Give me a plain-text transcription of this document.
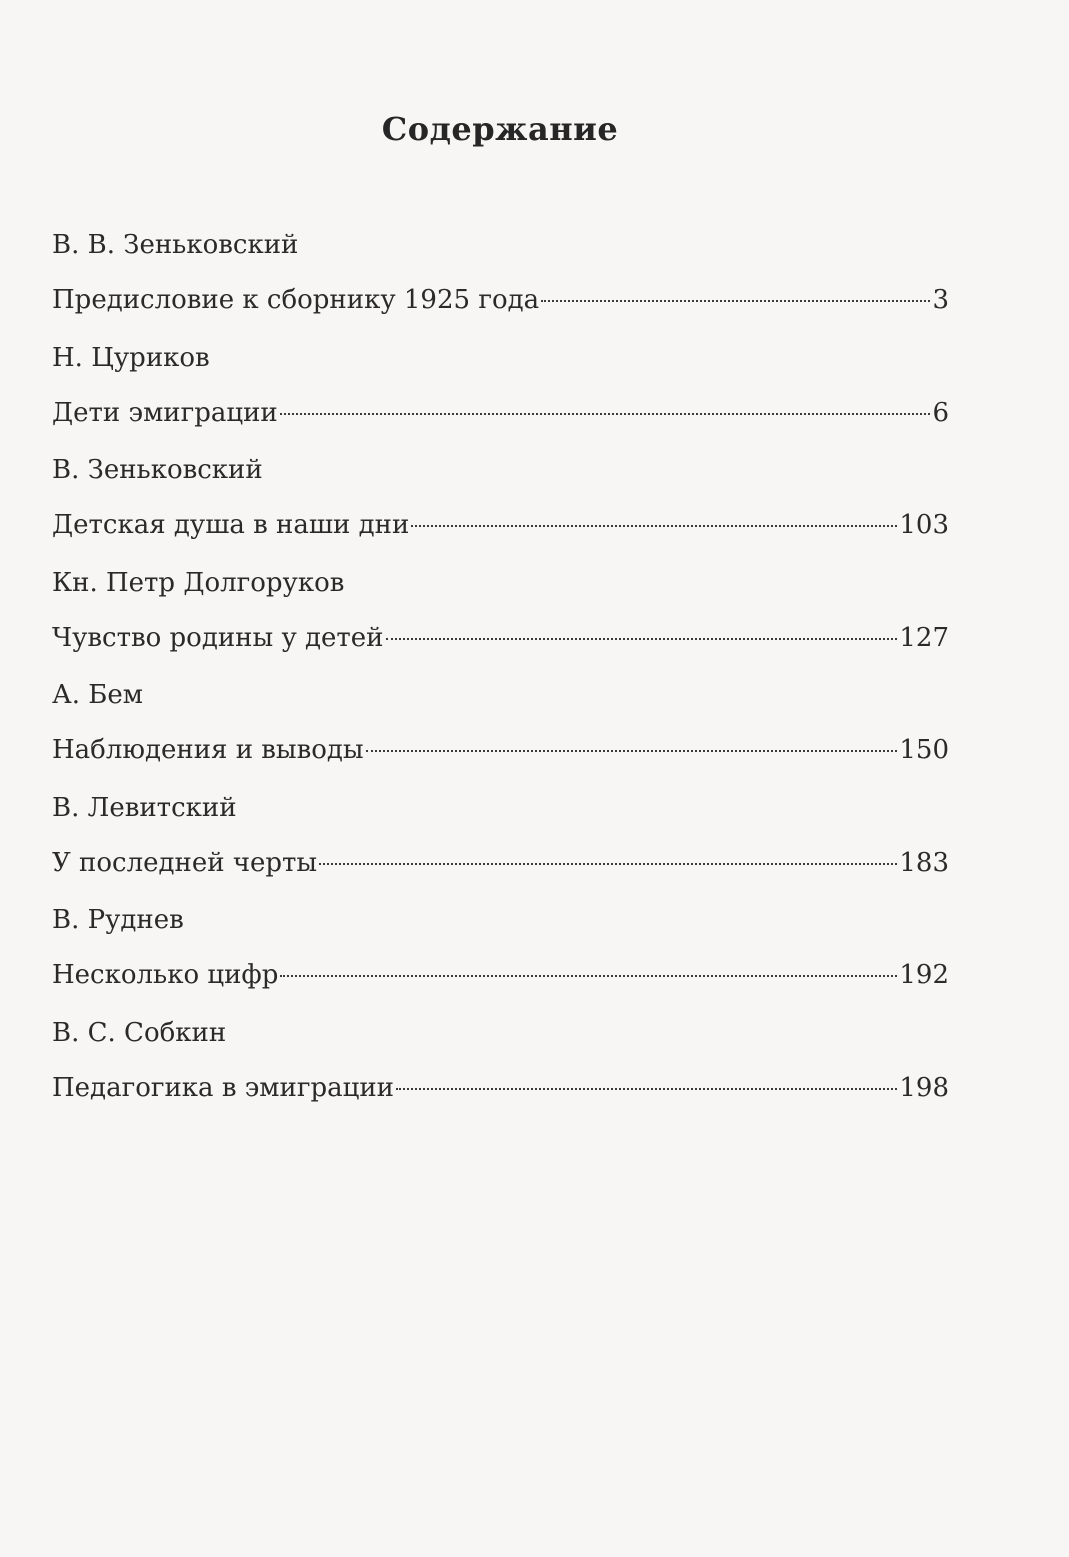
Содержание
В. В. Зеньковский
Предисловие к сборнику 1925 года	3
Н. Цуриков
Дети эмиграции	6
В. Зеньковский
Детская душа в наши дни	103
Кн. Петр Долгоруков
Чувство родины у детей	127
А. Бем
Наблюдения и выводы	150
В. Левитский
У последней черты	183
В. Руднев
Несколько цифр	192
В. С. Собкин
Педагогика в эмиграции	198
